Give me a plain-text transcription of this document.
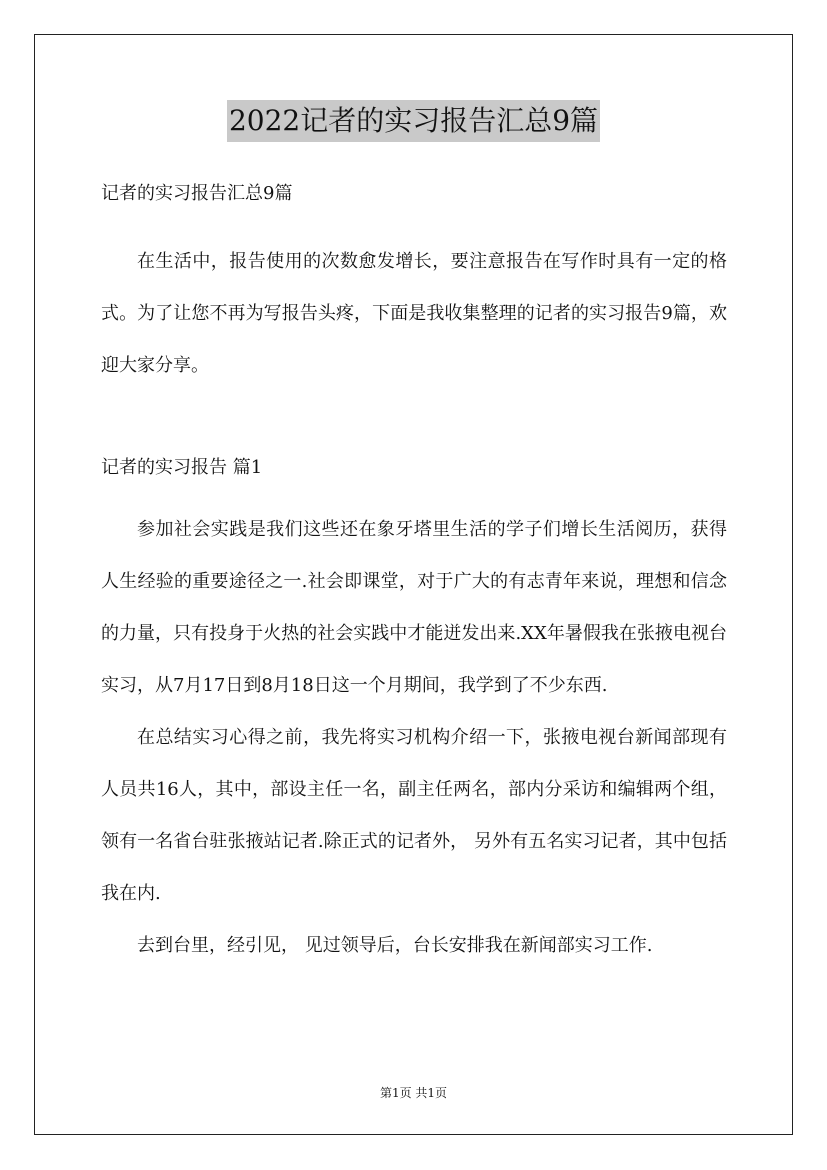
2022记者的实习报告汇总9篇

记者的实习报告汇总9篇

在生活中，报告使用的次数愈发增长，要注意报告在写作时具有一定的格式。为了让您不再为写报告头疼，下面是我收集整理的记者的实习报告9篇，欢迎大家分享。

记者的实习报告 篇1

参加社会实践是我们这些还在象牙塔里生活的学子们增长生活阅历，获得人生经验的重要途径之一.社会即课堂，对于广大的有志青年来说，理想和信念的力量，只有投身于火热的社会实践中才能迸发出来.XX年暑假我在张掖电视台实习，从7月17日到8月18日这一个月期间，我学到了不少东西.

在总结实习心得之前，我先将实习机构介绍一下，张掖电视台新闻部现有人员共16人，其中，部设主任一名，副主任两名，部内分采访和编辑两个组，领有一名省台驻张掖站记者.除正式的记者外， 另外有五名实习记者，其中包括我在内.

去到台里，经引见， 见过领导后，台长安排我在新闻部实习工作.

第1页 共1页
